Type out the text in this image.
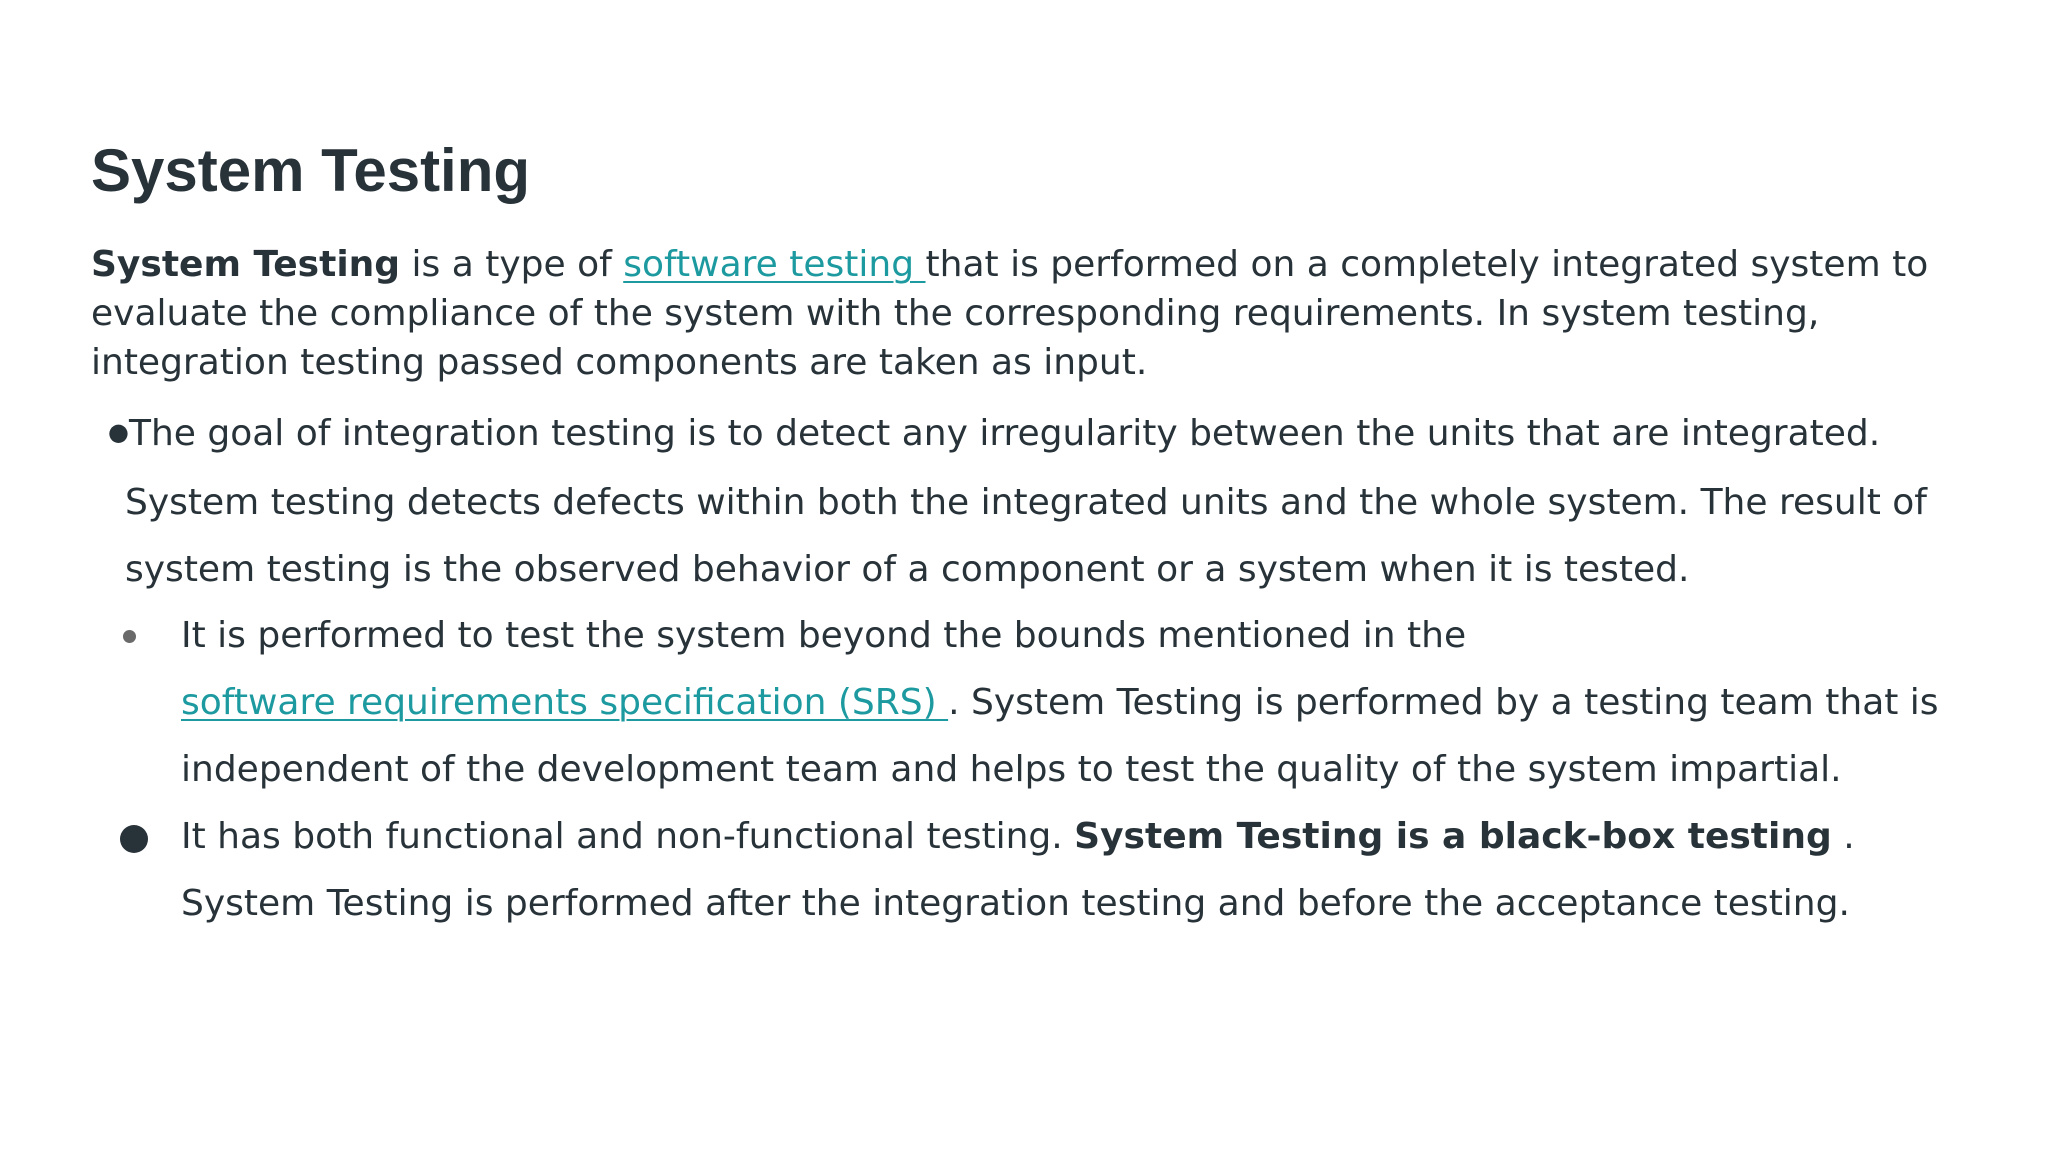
System Testing

System Testing is a type of software testing that is performed on a completely integrated system to
evaluate the compliance of the system with the corresponding requirements. In system testing,
integration testing passed components are taken as input.

●The goal of integration testing is to detect any irregularity between the units that are integrated.
System testing detects defects within both the integrated units and the whole system. The result of
system testing is the observed behavior of a component or a system when it is tested.
It is performed to test the system beyond the bounds mentioned in the
software requirements specification (SRS) . System Testing is performed by a testing team that is
independent of the development team and helps to test the quality of the system impartial.
It has both functional and non-functional testing. System Testing is a black-box testing .
System Testing is performed after the integration testing and before the acceptance testing.
